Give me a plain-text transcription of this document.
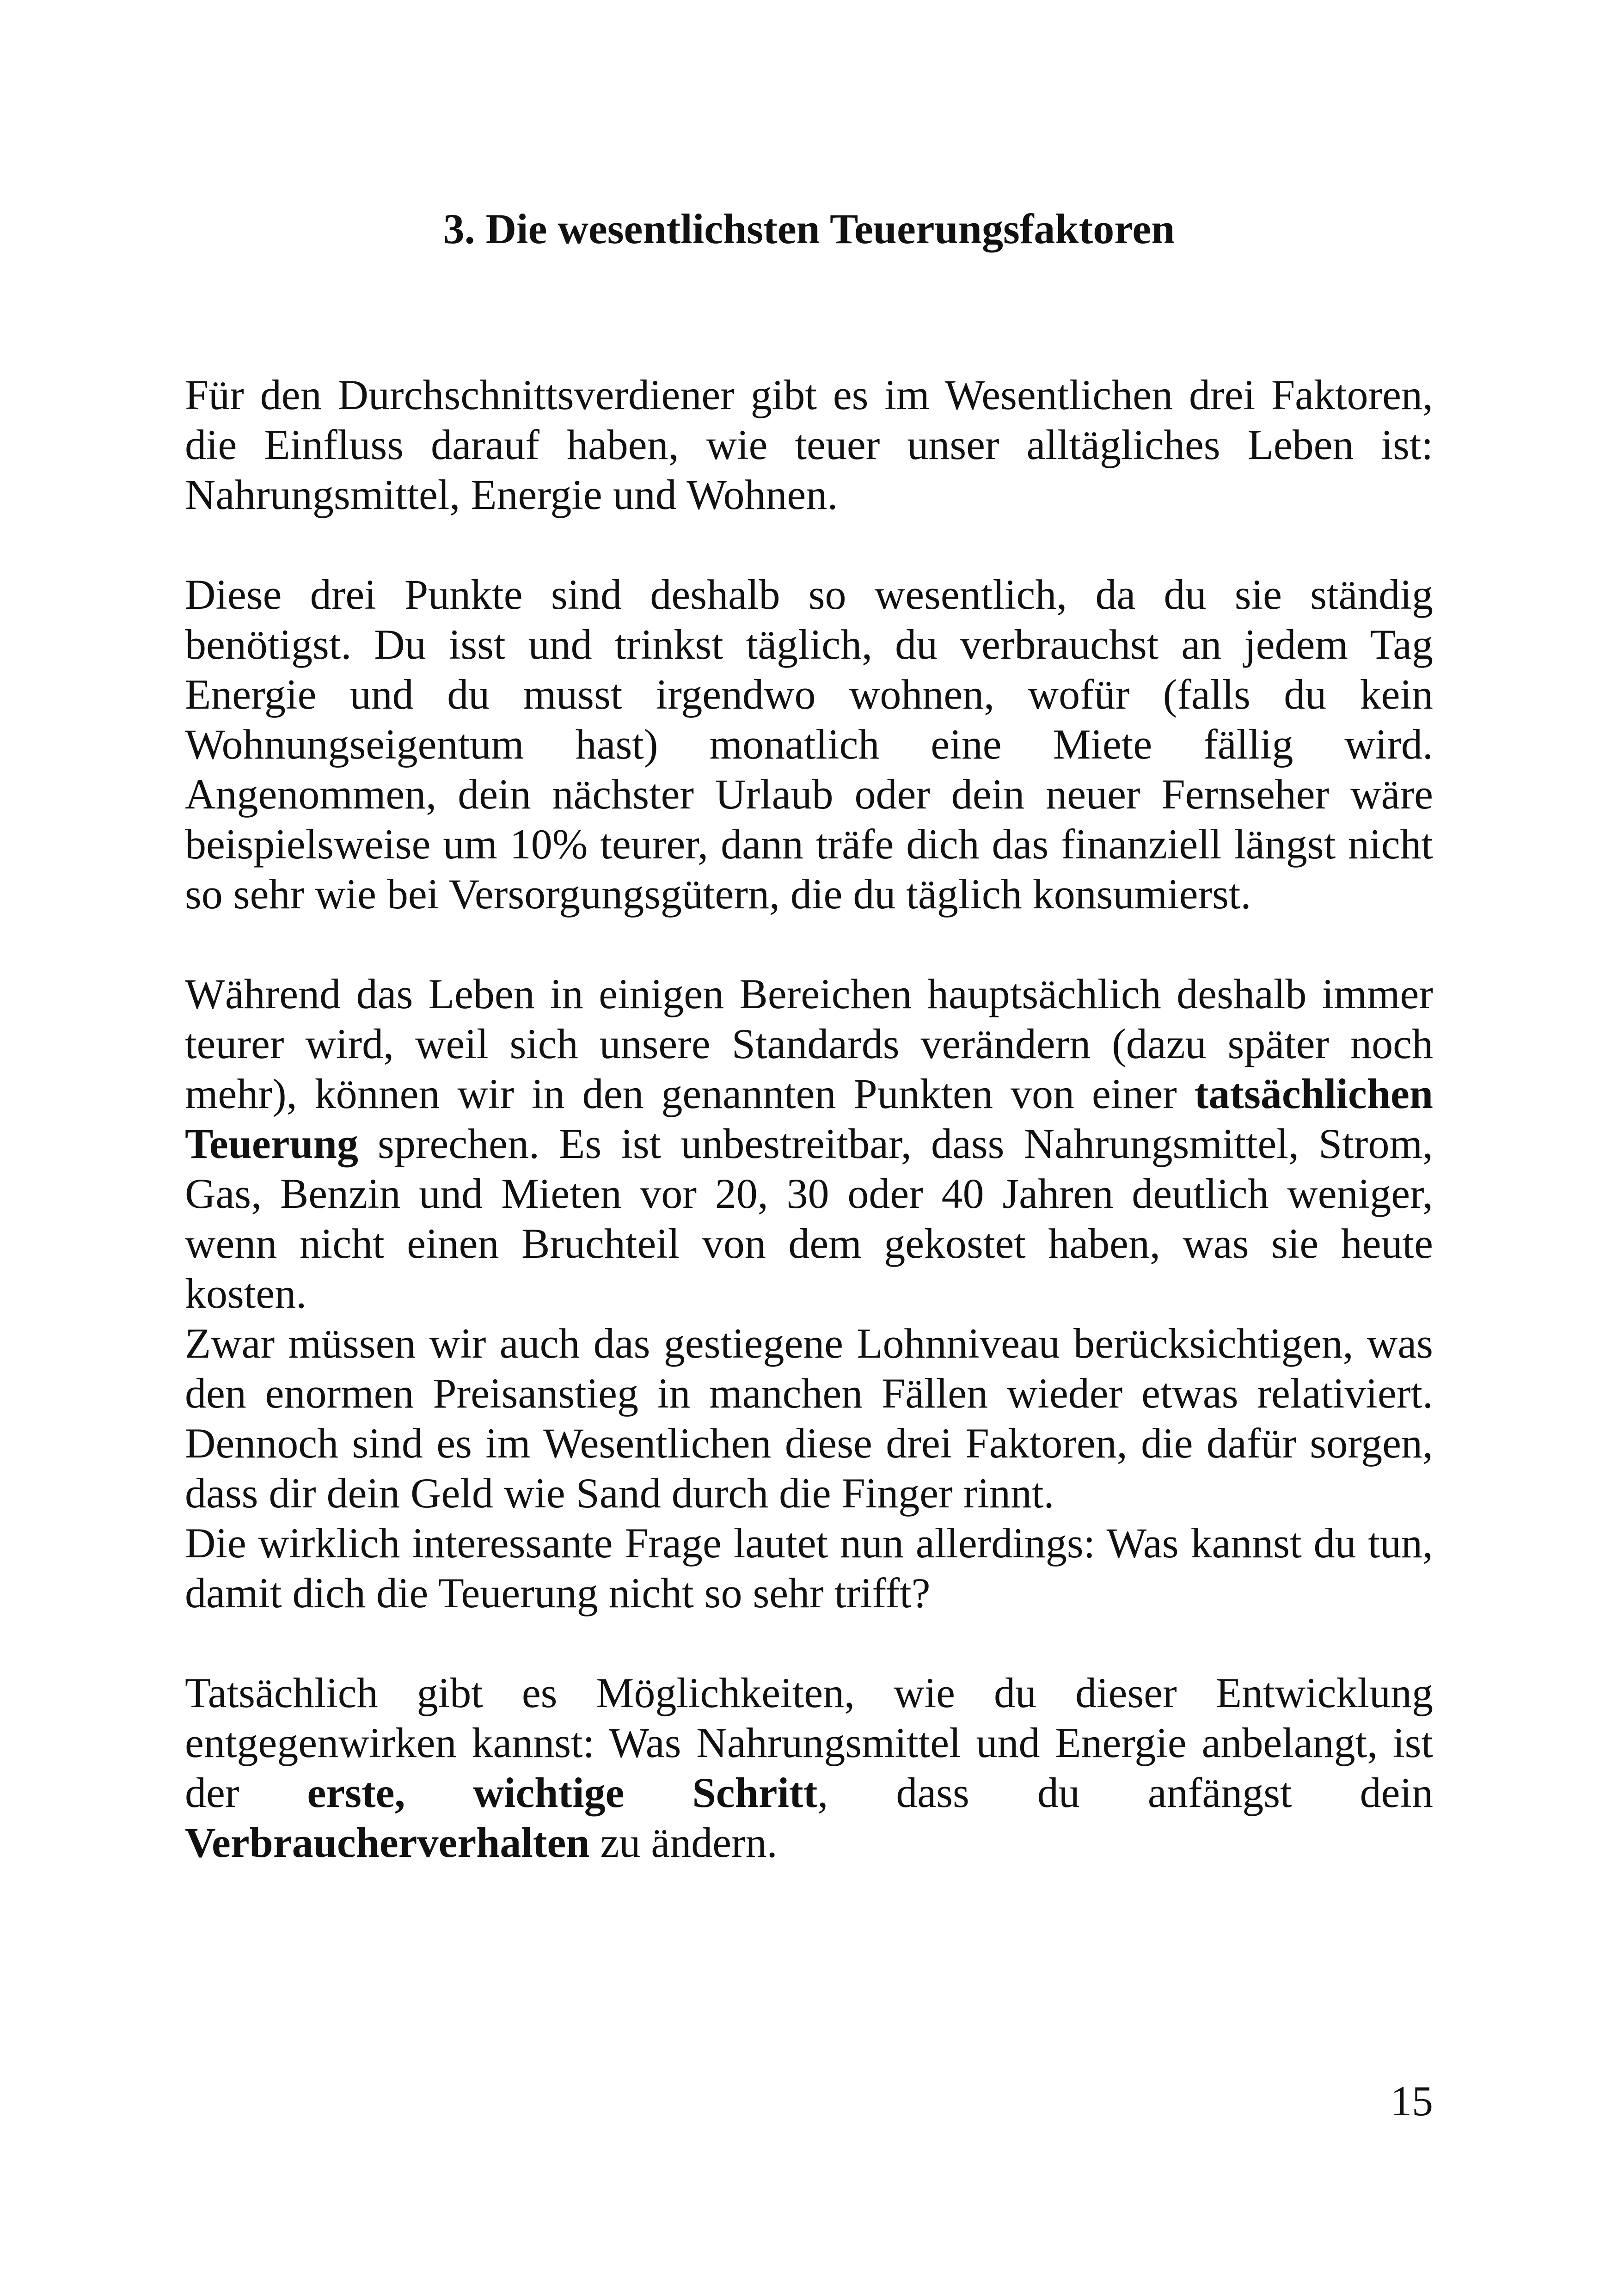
3. Die wesentlichsten Teuerungsfaktoren

Für den Durchschnittsverdiener gibt es im Wesentlichen drei Faktoren, die Einfluss darauf haben, wie teuer unser alltägliches Leben ist: Nahrungsmittel, Energie und Wohnen.

Diese drei Punkte sind deshalb so wesentlich, da du sie ständig benötigst. Du isst und trinkst täglich, du verbrauchst an jedem Tag Energie und du musst irgendwo wohnen, wofür (falls du kein Wohnungseigentum hast) monatlich eine Miete fällig wird. Angenommen, dein nächster Urlaub oder dein neuer Fernseher wäre beispielsweise um 10% teurer, dann träfe dich das finanziell längst nicht so sehr wie bei Versorgungsgütern, die du täglich konsumierst.

Während das Leben in einigen Bereichen hauptsächlich deshalb immer teurer wird, weil sich unsere Standards verändern (dazu später noch mehr), können wir in den genannten Punkten von einer tatsächlichen Teuerung sprechen. Es ist unbestreitbar, dass Nahrungsmittel, Strom, Gas, Benzin und Mieten vor 20, 30 oder 40 Jahren deutlich weniger, wenn nicht einen Bruchteil von dem gekostet haben, was sie heute kosten.

Zwar müssen wir auch das gestiegene Lohnniveau berücksichtigen, was den enormen Preisanstieg in manchen Fällen wieder etwas relativiert. Dennoch sind es im Wesentlichen diese drei Faktoren, die dafür sorgen, dass dir dein Geld wie Sand durch die Finger rinnt.

Die wirklich interessante Frage lautet nun allerdings: Was kannst du tun, damit dich die Teuerung nicht so sehr trifft?

Tatsächlich gibt es Möglichkeiten, wie du dieser Entwicklung entgegenwirken kannst: Was Nahrungsmittel und Energie anbelangt, ist der erste, wichtige Schritt, dass du anfängst dein Verbraucherverhalten zu ändern.

15
